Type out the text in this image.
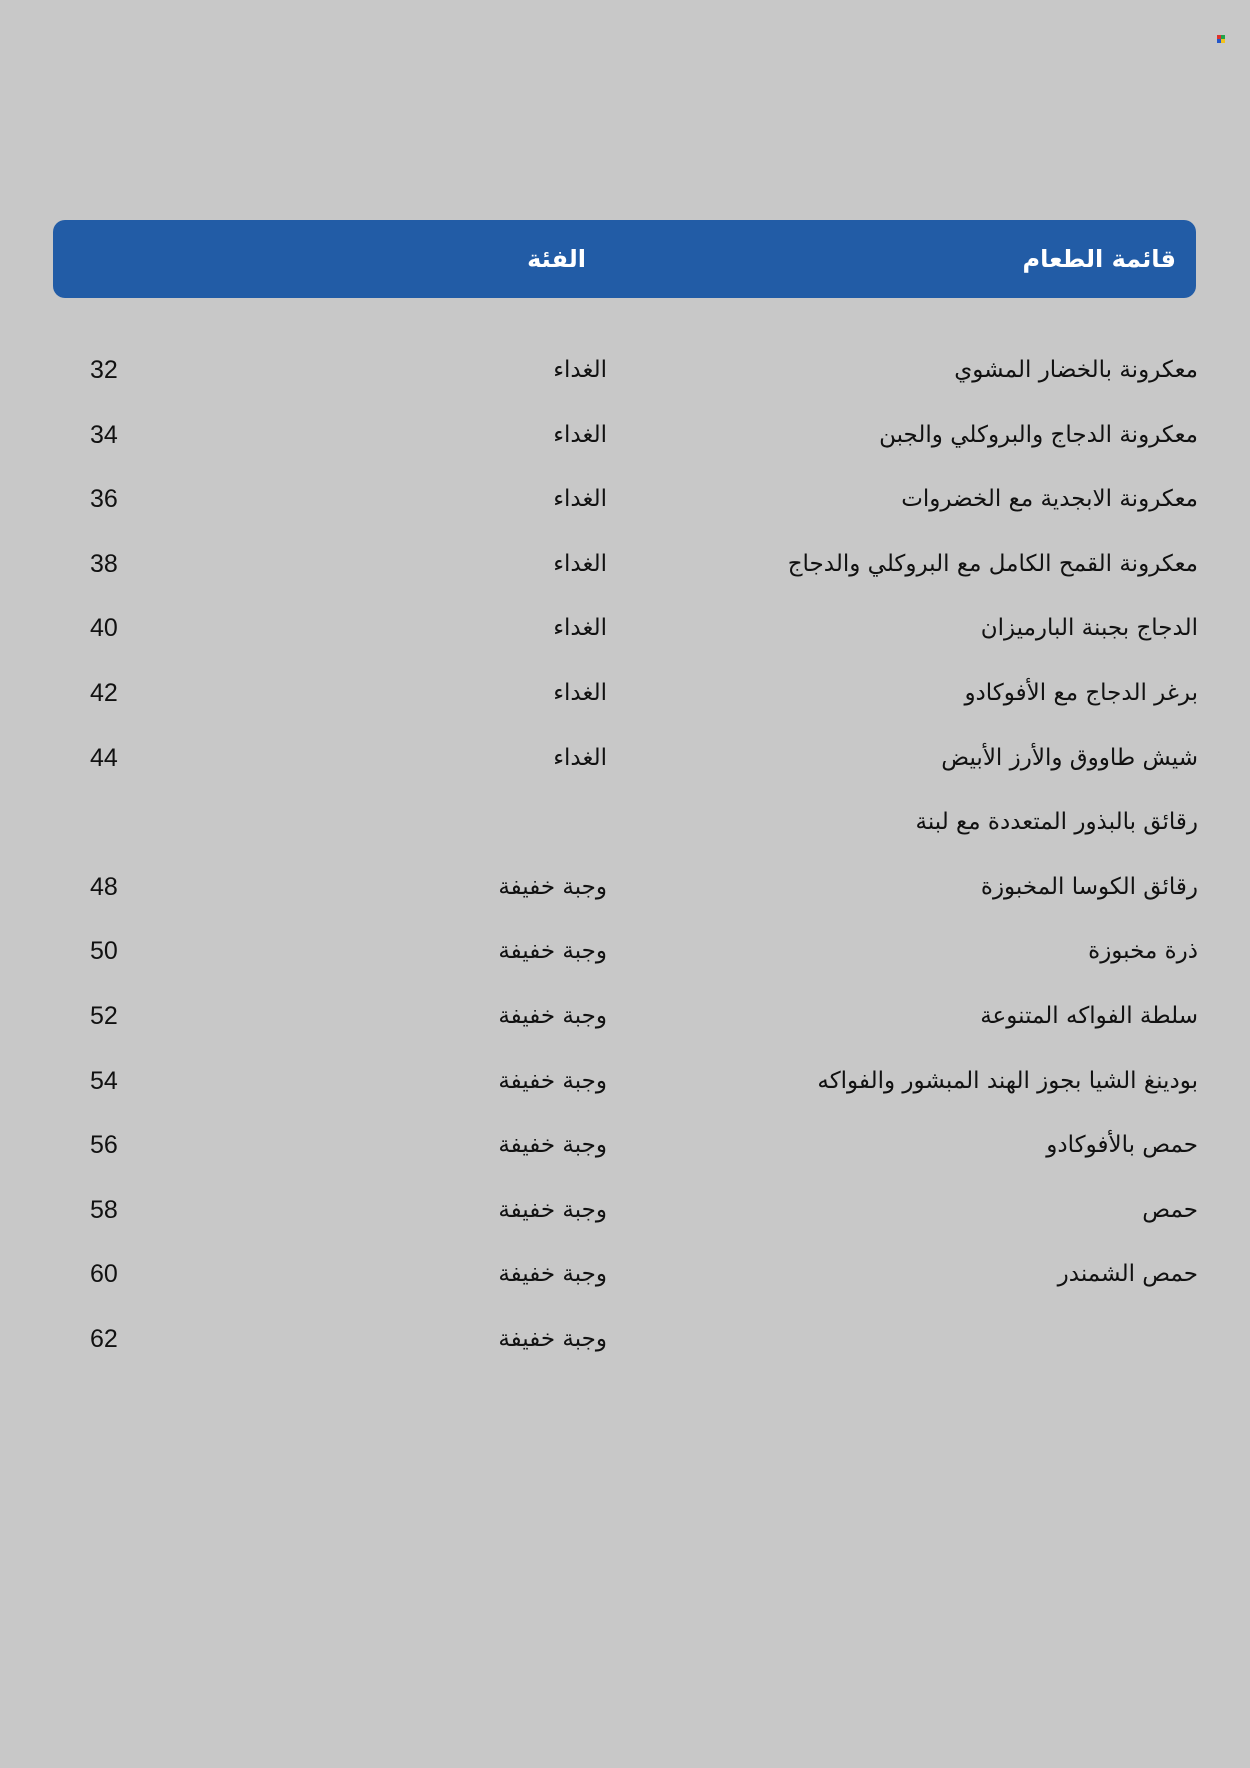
قائمة الطعام
الفئة
معكرونة بالخضار المشوي
الغداء
32
معكرونة الدجاج والبروكلي والجبن
الغداء
34
معكرونة الابجدية مع الخضروات
الغداء
36
معكرونة القمح الكامل مع البروكلي والدجاج
الغداء
38
الدجاج بجبنة البارميزان
الغداء
40
برغر الدجاج مع الأفوكادو
الغداء
42
شيش طاووق والأرز الأبيض
الغداء
44
رقائق بالبذور المتعددة مع لبنة
رقائق الكوسا المخبوزة
وجبة خفيفة
48
ذرة مخبوزة
وجبة خفيفة
50
سلطة الفواكه المتنوعة
وجبة خفيفة
52
بودينغ الشيا بجوز الهند المبشور والفواكه
وجبة خفيفة
54
حمص بالأفوكادو
وجبة خفيفة
56
حمص
وجبة خفيفة
58
حمص الشمندر
وجبة خفيفة
60
وجبة خفيفة
62
